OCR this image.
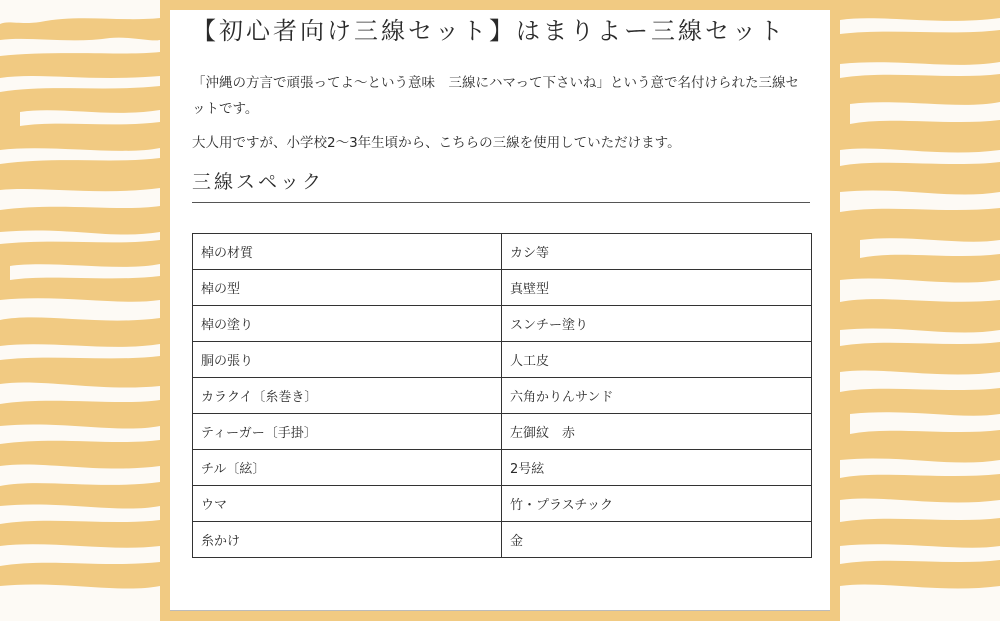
【初心者向け三線セット】はまりよー三線セット

「沖縄の方言で頑張ってよ〜という意味　三線にハマって下さいね」という意で名付けられた三線セットです。

大人用ですが、小学校2〜3年生頃から、こちらの三線を使用していただけます。

三線スペック
棹の材質	カシ等
棹の型	真壁型
棹の塗り	スンチー塗り
胴の張り	人工皮
カラクイ〔糸巻き〕	六角かりんサンド
ティーガー〔手掛〕	左御紋　赤
チル〔絃〕	2号絃
ウマ	竹・プラスチック
糸かけ	金
